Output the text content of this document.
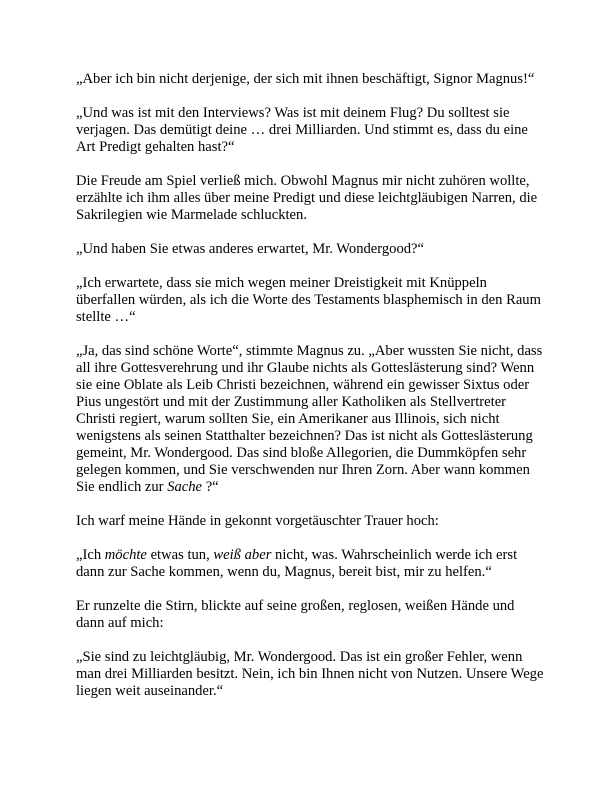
„Aber ich bin nicht derjenige, der sich mit ihnen beschäftigt, Signor Magnus!“

„Und was ist mit den Interviews? Was ist mit deinem Flug? Du solltest sie verjagen. Das demütigt deine … drei Milliarden. Und stimmt es, dass du eine Art Predigt gehalten hast?“

Die Freude am Spiel verließ mich. Obwohl Magnus mir nicht zuhören wollte, erzählte ich ihm alles über meine Predigt und diese leichtgläubigen Narren, die Sakrilegien wie Marmelade schluckten.

„Und haben Sie etwas anderes erwartet, Mr. Wondergood?“

„Ich erwartete, dass sie mich wegen meiner Dreistigkeit mit Knüppeln überfallen würden, als ich die Worte des Testaments blasphemisch in den Raum stellte …“

„Ja, das sind schöne Worte“, stimmte Magnus zu. „Aber wussten Sie nicht, dass all ihre Gottesverehrung und ihr Glaube nichts als Gotteslästerung sind? Wenn sie eine Oblate als Leib Christi bezeichnen, während ein gewisser Sixtus oder Pius ungestört und mit der Zustimmung aller Katholiken als Stellvertreter Christi regiert, warum sollten Sie, ein Amerikaner aus Illinois, sich nicht wenigstens als seinen Statthalter bezeichnen? Das ist nicht als Gotteslästerung gemeint, Mr. Wondergood. Das sind bloße Allegorien, die Dummköpfen sehr gelegen kommen, und Sie verschwenden nur Ihren Zorn. Aber wann kommen Sie endlich zur Sache ?“

Ich warf meine Hände in gekonnt vorgetäuschter Trauer hoch:

„Ich möchte etwas tun, weiß aber nicht, was. Wahrscheinlich werde ich erst dann zur Sache kommen, wenn du, Magnus, bereit bist, mir zu helfen.“

Er runzelte die Stirn, blickte auf seine großen, reglosen, weißen Hände und dann auf mich:

„Sie sind zu leichtgläubig, Mr. Wondergood. Das ist ein großer Fehler, wenn man drei Milliarden besitzt. Nein, ich bin Ihnen nicht von Nutzen. Unsere Wege liegen weit auseinander.“
